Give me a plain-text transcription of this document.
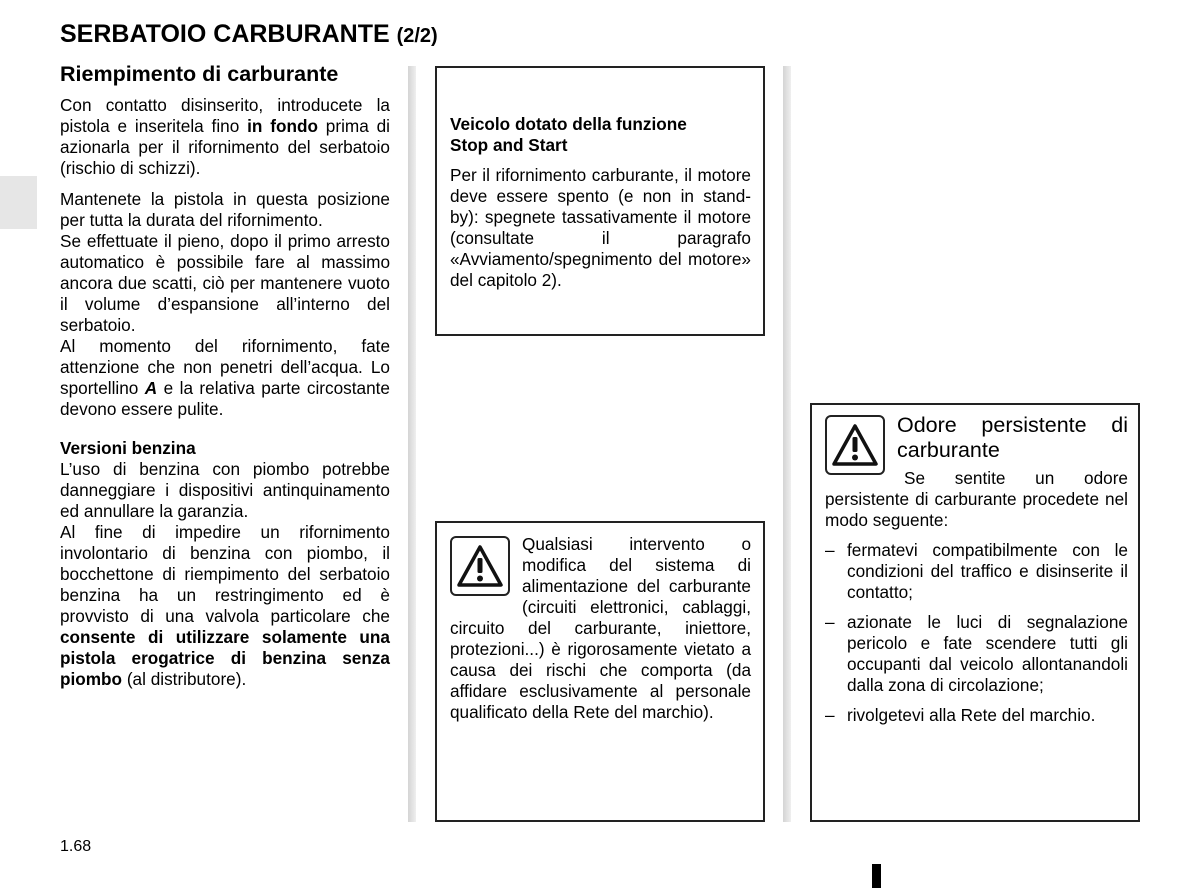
SERBATOIO CARBURANTE (2/2)
Riempimento di carburante

Con contatto disinserito, introducete la pistola e inseritela fino in fondo prima di azionarla per il rifornimento del serbatoio (rischio di schizzi).

Mantenete la pistola in questa posizione per tutta la durata del rifornimento.

Se effettuate il pieno, dopo il primo arresto automatico è possibile fare al massimo ancora due scatti, ciò per mantenere vuoto il volume d’espansione all’interno del serbatoio.

Al momento del rifornimento, fate attenzione che non penetri dell’acqua. Lo sportellino A e la relativa parte circostante devono essere pulite.

Versioni benzina

L’uso di benzina con piombo potrebbe danneggiare i dispositivi antinquinamento ed annullare la garanzia.

Al fine di impedire un rifornimento involontario di benzina con piombo, il bocchettone di riempimento del serbatoio benzina ha un restringimento ed è provvisto di una valvola particolare che consente di utilizzare solamente una pistola erogatrice di benzina senza piombo (al distributore).

Veicolo dotato della funzione
Stop and Start

Per il rifornimento carburante, il motore deve essere spento (e non in stand-by): spegnete tassativamente il motore (consultate il paragrafo «Avviamento/spegnimento del motore» del capitolo 2).

Qualsiasi intervento o modifica del sistema di alimentazione del carburante (circuiti elettronici, cablaggi, circuito del carburante, iniettore, protezioni...) è rigorosamente vietato a causa dei rischi che comporta (da affidare esclusivamente al personale qualificato della Rete del marchio).

Odore persistente di carburante

Se sentite un odore persistente di carburante procedete nel modo seguente:

– fermatevi compatibilmente con le condizioni del traffico e disinserite il contatto;
– azionate le luci di segnalazione pericolo e fate scendere tutti gli occupanti dal veicolo allontanandoli dalla zona di circolazione;
– rivolgetevi alla Rete del marchio.
1.68
